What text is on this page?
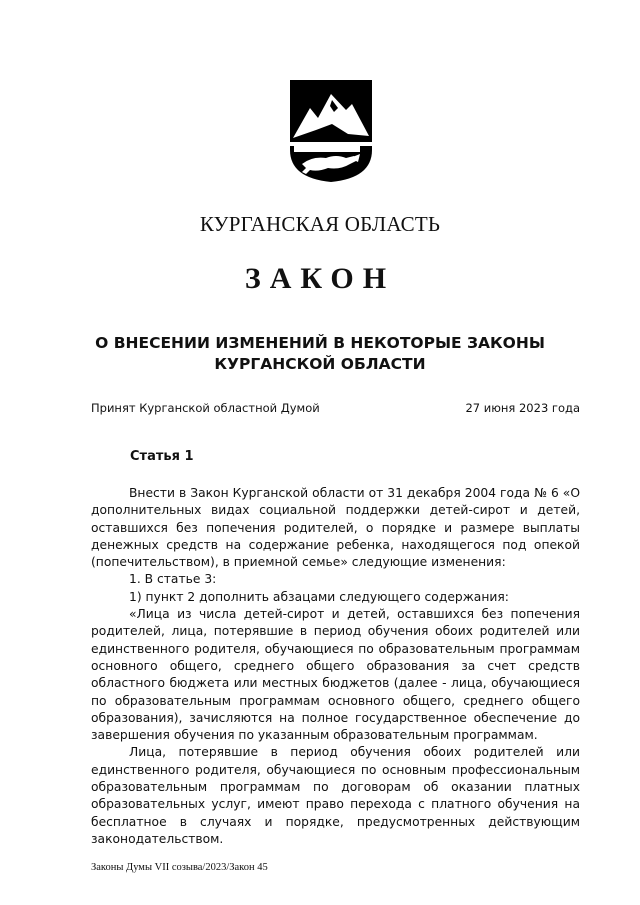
КУРГАНСКАЯ ОБЛАСТЬ
ЗАКОН
О ВНЕСЕНИИ ИЗМЕНЕНИЙ В НЕКОТОРЫЕ ЗАКОНЫ
КУРГАНСКОЙ ОБЛАСТИ
Принят Курганской областной Думой	27 июня 2023 года
Статья 1

Внести в Закон Курганской области от 31 декабря 2004 года № 6 «О дополнительных видах социальной поддержки детей-сирот и детей, оставшихся без попечения родителей, о порядке и размере выплаты денежных средств на содержание ребенка, находящегося под опекой (попечительством), в приемной семье» следующие изменения:

1. В статье 3:

1) пункт 2 дополнить абзацами следующего содержания:

«Лица из числа детей-сирот и детей, оставшихся без попечения родителей, лица, потерявшие в период обучения обоих родителей или единственного родителя, обучающиеся по образовательным программам основного общего, среднего общего образования за счет средств областного бюджета или местных бюджетов (далее - лица, обучающиеся по образовательным программам основного общего, среднего общего образования), зачисляются на полное государственное обеспечение до завершения обучения по указанным образовательным программам.

Лица, потерявшие в период обучения обоих родителей или единственного родителя, обучающиеся по основным профессиональным образовательным программам по договорам об оказании платных образовательных услуг, имеют право перехода с платного обучения на бесплатное в случаях и порядке, предусмотренных действующим законодательством.

Законы Думы VII созыва/2023/Закон 45
